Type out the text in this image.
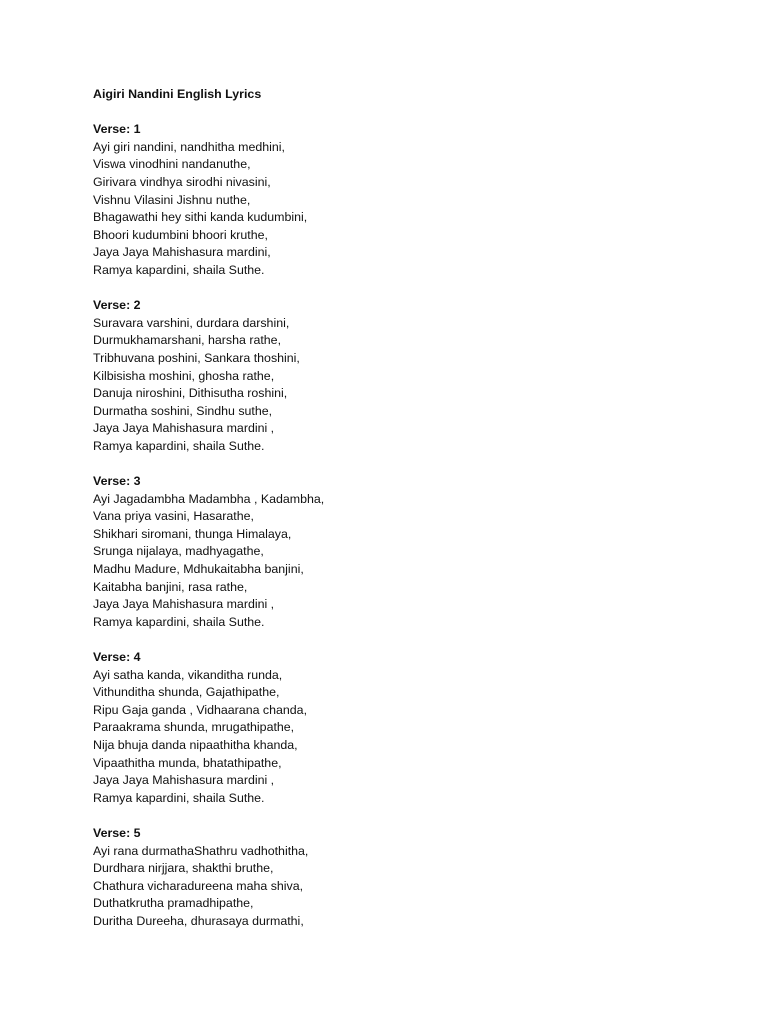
Aigiri Nandini English Lyrics
Verse: 1
Ayi giri nandini, nandhitha medhini,
Viswa vinodhini nandanuthe,
Girivara vindhya sirodhi nivasini,
Vishnu Vilasini Jishnu nuthe,
Bhagawathi hey sithi kanda kudumbini,
Bhoori kudumbini bhoori kruthe,
Jaya Jaya Mahishasura mardini,
Ramya kapardini, shaila Suthe.
Verse: 2
Suravara varshini, durdara darshini,
Durmukhamarshani, harsha rathe,
Tribhuvana poshini, Sankara thoshini,
Kilbisisha moshini, ghosha rathe,
Danuja niroshini, Dithisutha roshini,
Durmatha soshini, Sindhu suthe,
Jaya Jaya Mahishasura mardini ,
Ramya kapardini, shaila Suthe.
Verse: 3
Ayi Jagadambha Madambha , Kadambha,
Vana priya vasini, Hasarathe,
Shikhari siromani, thunga Himalaya,
Srunga nijalaya, madhyagathe,
Madhu Madure, Mdhukaitabha banjini,
Kaitabha banjini, rasa rathe,
Jaya Jaya Mahishasura mardini ,
Ramya kapardini, shaila Suthe.
Verse: 4
Ayi satha kanda, vikanditha runda,
Vithunditha shunda, Gajathipathe,
Ripu Gaja ganda , Vidhaarana chanda,
Paraakrama shunda, mrugathipathe,
Nija bhuja danda nipaathitha khanda,
Vipaathitha munda, bhatathipathe,
Jaya Jaya Mahishasura mardini ,
Ramya kapardini, shaila Suthe.
Verse: 5
Ayi rana durmathaShathru vadhothitha,
Durdhara nirjjara, shakthi bruthe,
Chathura vicharadureena maha shiva,
Duthatkrutha pramadhipathe,
Duritha Dureeha, dhurasaya durmathi,
